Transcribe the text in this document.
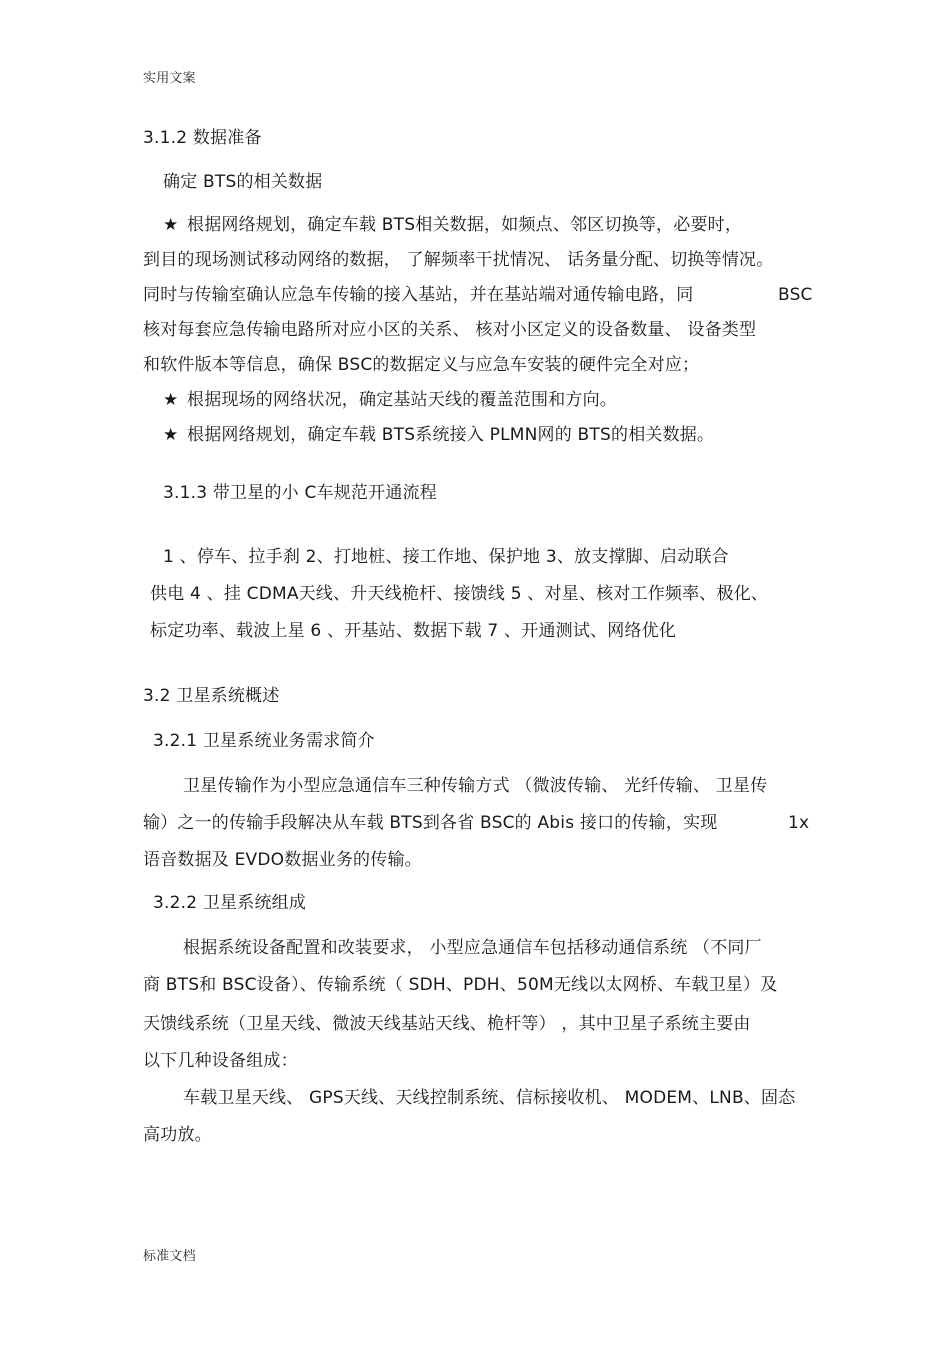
实用文案
3.1.2 数据准备
确定 BTS的相关数据
★ 根据网络规划，确定车载 BTS相关数据，如频点、邻区切换等，必要时，
到目的现场测试移动网络的数据， 了解频率干扰情况、 话务量分配、切换等情况。
同时与传输室确认应急车传输的接入基站，并在基站端对通传输电路，同	BSC
核对每套应急传输电路所对应小区的关系、 核对小区定义的设备数量、 设备类型
和软件版本等信息，确保 BSC的数据定义与应急车安装的硬件完全对应；
★ 根据现场的网络状况，确定基站天线的覆盖范围和方向。
★ 根据网络规划，确定车载 BTS系统接入 PLMN网的 BTS的相关数据。
3.1.3 带卫星的小 C车规范开通流程
1 、停车、拉手刹 2、打地桩、接工作地、保护地 3、放支撑脚、启动联合
供电 4 、挂 CDMA天线、升天线桅杆、接馈线 5 、对星、核对工作频率、极化、
标定功率、载波上星 6 、开基站、数据下载 7 、开通测试、网络优化
3.2 卫星系统概述
3.2.1 卫星系统业务需求简介
卫星传输作为小型应急通信车三种传输方式 （微波传输、 光纤传输、 卫星传
输）之一的传输手段解决从车载 BTS到各省 BSC的 Abis 接口的传输，实现	1x
语音数据及 EVDO数据业务的传输。
3.2.2 卫星系统组成
根据系统设备配置和改装要求， 小型应急通信车包括移动通信系统 （不同厂
商 BTS和 BSC设备）、传输系统（ SDH、PDH、50M无线以太网桥、车载卫星）及
天馈线系统（卫星天线、微波天线基站天线、桅杆等） ，其中卫星子系统主要由
以下几种设备组成：
车载卫星天线、 GPS天线、天线控制系统、信标接收机、 MODEM、LNB、固态
高功放。
标准文档
